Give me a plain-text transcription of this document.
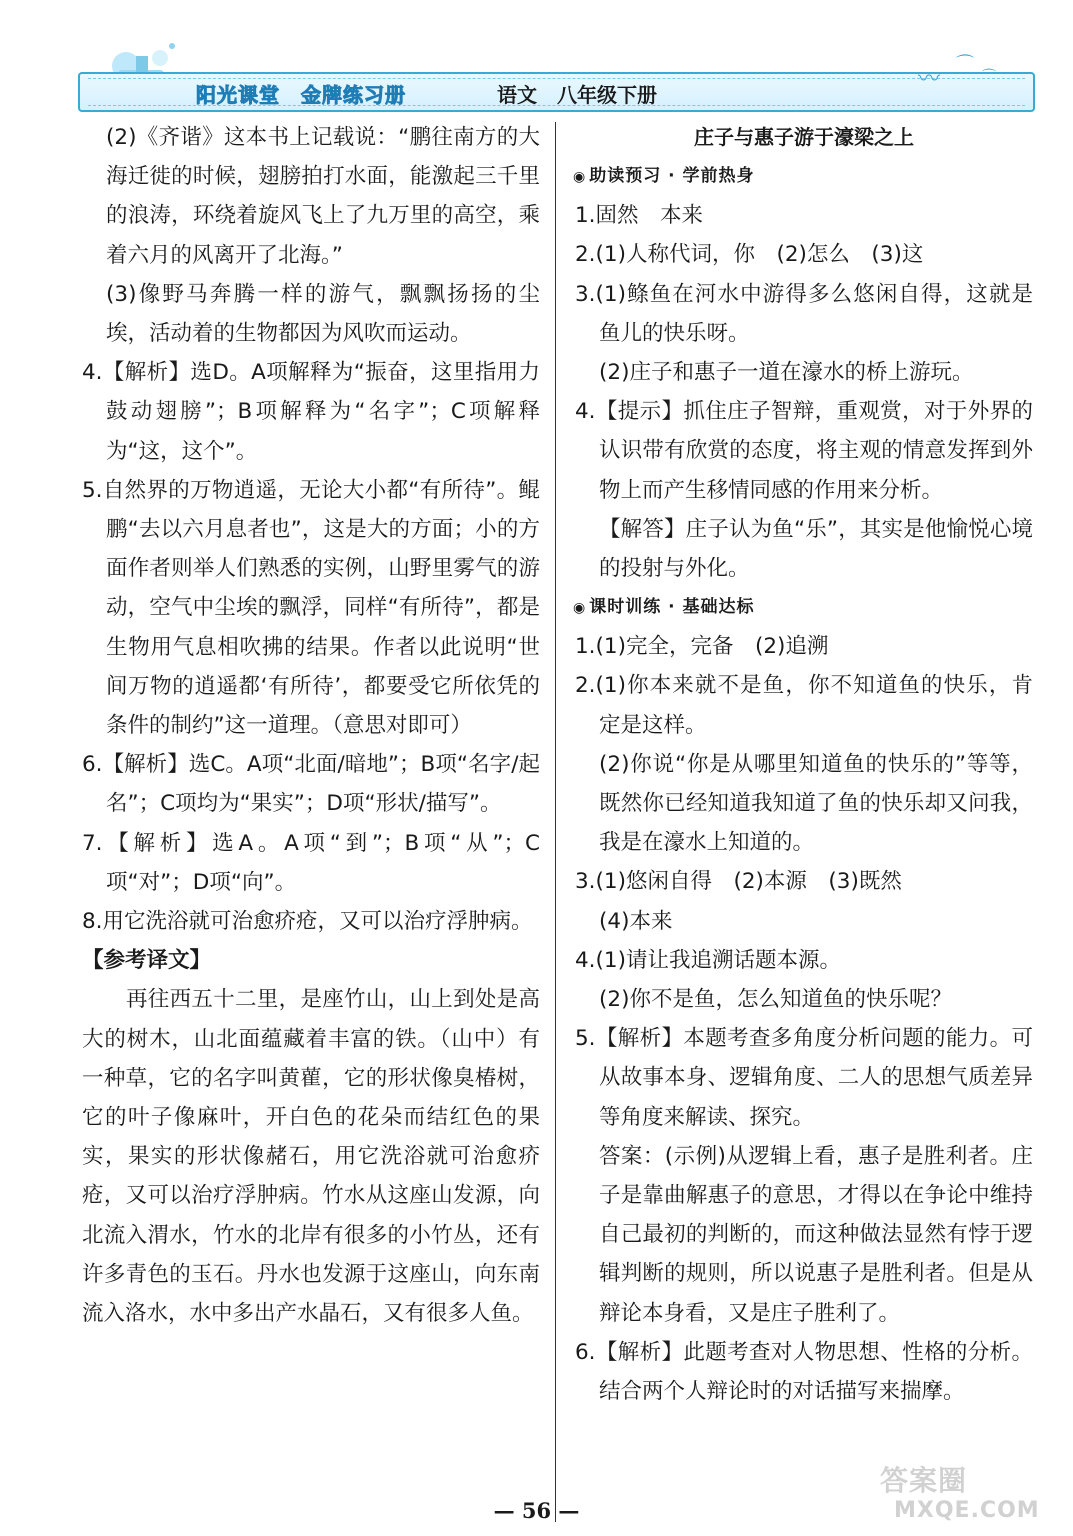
阳光课堂　金牌练习册	语文　八年级下册
〰
⌒
⌒

(2)《齐谐》这本书上记载说：“鹏往南方的大海迁徙的时候，翅膀拍打水面，能激起三千里的浪涛，环绕着旋风飞上了九万里的高空，乘着六月的风离开了北海。”

(3)像野马奔腾一样的游气，飘飘扬扬的尘埃，活动着的生物都因为风吹而运动。

4.【解析】选D。A项解释为“振奋，这里指用力鼓动翅膀”；B项解释为“名字”；C项解释为“这，这个”。

5.自然界的万物逍遥，无论大小都“有所待”。鲲鹏“去以六月息者也”，这是大的方面；小的方面作者则举人们熟悉的实例，山野里雾气的游动，空气中尘埃的飘浮，同样“有所待”，都是生物用气息相吹拂的结果。作者以此说明“世间万物的逍遥都‘有所待’，都要受它所依凭的条件的制约”这一道理。（意思对即可）

6.【解析】选C。A项“北面/暗地”；B项“名字/起名”；C项均为“果实”；D项“形状/描写”。

7.【解析】选A。A项“到”；B项“从”；C项“对”；D项“向”。

8.用它洗浴就可治愈疥疮，又可以治疗浮肿病。

【参考译文】

再往西五十二里，是座竹山，山上到处是高大的树木，山北面蕴藏着丰富的铁。（山中）有一种草，它的名字叫黄雚，它的形状像臭椿树，它的叶子像麻叶，开白色的花朵而结红色的果实，果实的形状像赭石，用它洗浴就可治愈疥疮，又可以治疗浮肿病。竹水从这座山发源，向北流入渭水，竹水的北岸有很多的小竹丛，还有许多青色的玉石。丹水也发源于这座山，向东南流入洛水，水中多出产水晶石，又有很多人鱼。

庄子与惠子游于濠梁之上

◉ 助读预习 · 学前热身

1.固然　本来

2.(1)人称代词，你　(2)怎么　(3)这

3.(1)鲦鱼在河水中游得多么悠闲自得，这就是鱼儿的快乐呀。

(2)庄子和惠子一道在濠水的桥上游玩。

4.【提示】抓住庄子智辩，重观赏，对于外界的认识带有欣赏的态度，将主观的情意发挥到外物上而产生移情同感的作用来分析。

【解答】庄子认为鱼“乐”，其实是他愉悦心境的投射与外化。

◉ 课时训练 · 基础达标

1.(1)完全，完备　(2)追溯

2.(1)你本来就不是鱼，你不知道鱼的快乐，肯定是这样。

(2)你说“你是从哪里知道鱼的快乐的”等等，既然你已经知道我知道了鱼的快乐却又问我，我是在濠水上知道的。

3.(1)悠闲自得　(2)本源　(3)既然

(4)本来

4.(1)请让我追溯话题本源。

(2)你不是鱼，怎么知道鱼的快乐呢？

5.【解析】本题考查多角度分析问题的能力。可从故事本身、逻辑角度、二人的思想气质差异等角度来解读、探究。

答案：(示例)从逻辑上看，惠子是胜利者。庄子是靠曲解惠子的意思，才得以在争论中维持自己最初的判断的，而这种做法显然有悖于逻辑判断的规则，所以说惠子是胜利者。但是从辩论本身看，又是庄子胜利了。

6.【解析】此题考查对人物思想、性格的分析。结合两个人辩论时的对话描写来揣摩。

— 56 —
答案圈
MXQE.COM
